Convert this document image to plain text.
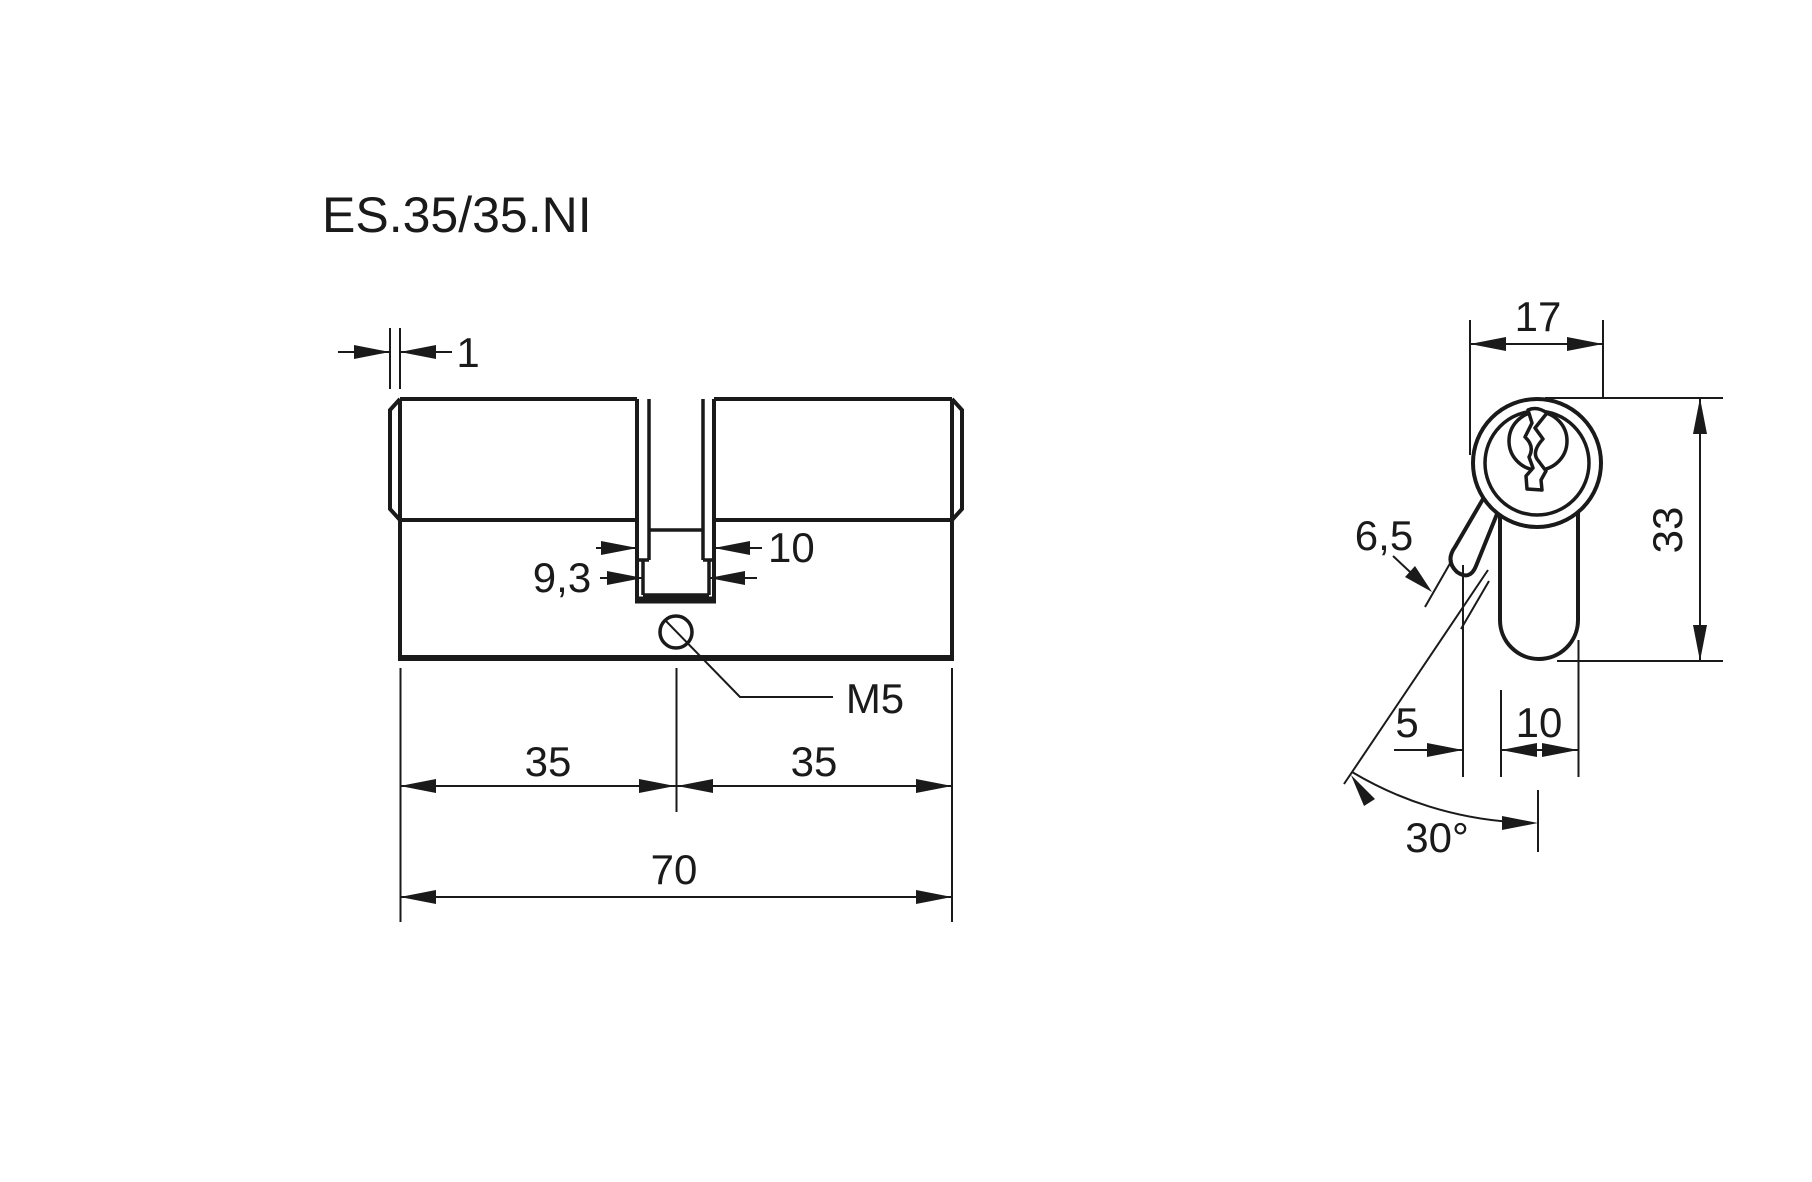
ES.35/35.NI
M5
1
10
9,3
35	35
70
17
33
6,5
30°
5 10
